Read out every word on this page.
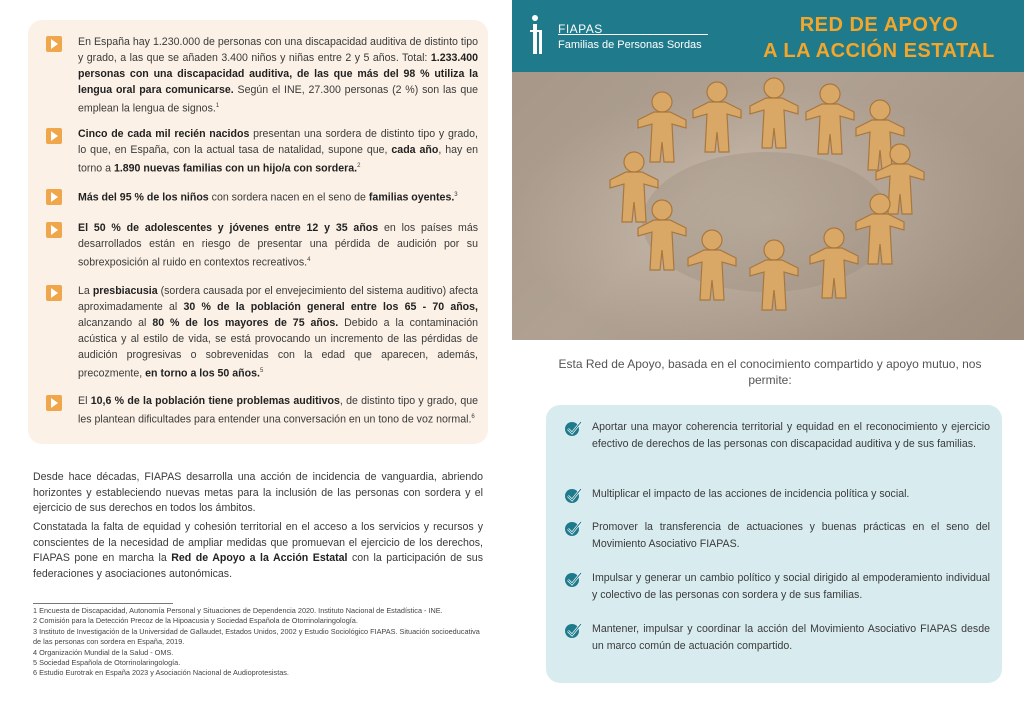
En España hay 1.230.000 de personas con una discapacidad auditiva de distinto tipo y grado, a las que se añaden 3.400 niños y niñas entre 2 y 5 años. Total: 1.233.400 personas con una discapacidad auditiva, de las que más del 98 % utiliza la lengua oral para comunicarse. Según el INE, 27.300 personas (2 %) son las que emplean la lengua de signos.$^1$
Cinco de cada mil recién nacidos presentan una sordera de distinto tipo y grado, lo que, en España, con la actual tasa de natalidad, supone que, cada año, hay en torno a 1.890 nuevas familias con un hijo/a con sordera.$^2$
Más del 95 % de los niños con sordera nacen en el seno de familias oyentes.$^3$
El 50 % de adolescentes y jóvenes entre 12 y 35 años en los países más desarrollados están en riesgo de presentar una pérdida de audición por su sobrexposición al ruido en contextos recreativos.$^4$
La presbiacusia (sordera causada por el envejecimiento del sistema auditivo) afecta aproximadamente al 30 % de la población general entre los 65 - 70 años, alcanzando al 80 % de los mayores de 75 años. Debido a la contaminación acústica y al estilo de vida, se está provocando un incremento de las pérdidas de audición progresivas o sobrevenidas con la edad que aparecen, además, precozmente, en torno a los 50 años.$^5$
El 10,6 % de la población tiene problemas auditivos, de distinto tipo y grado, que les plantean dificultades para entender una conversación en un tono de voz normal.$^6$
Desde hace décadas, FIAPAS desarrolla una acción de incidencia de vanguardia, abriendo horizontes y estableciendo nuevas metas para la inclusión de las personas con sordera y el ejercicio de sus derechos en todos los ámbitos.
Constatada la falta de equidad y cohesión territorial en el acceso a los servicios y recursos y conscientes de la necesidad de ampliar medidas que promuevan el ejercicio de los derechos, FIAPAS pone en marcha la Red de Apoyo a la Acción Estatal con la participación de sus federaciones y asociaciones autonómicas.

1 Encuesta de Discapacidad, Autonomía Personal y Situaciones de Dependencia 2020. Instituto Nacional de Estadística - INE.

2 Comisión para la Detección Precoz de la Hipoacusia y Sociedad Española de Otorrinolaringología.

3 Instituto de Investigación de la Universidad de Gallaudet, Estados Unidos, 2002 y Estudio Sociológico FIAPAS. Situación socioeducativa de las personas con sordera en España, 2019.

4 Organización Mundial de la Salud - OMS.

5 Sociedad Española de Otorrinolaringología.

6 Estudio Eurotrak en España 2023 y Asociación Nacional de Audioprotesistas.

FIAPAS
Familias de Personas Sordas
RED DE APOYO
A LA ACCIÓN ESTATAL
Esta Red de Apoyo, basada en el conocimiento compartido y apoyo mutuo, nos permite:
Aportar una mayor coherencia territorial y equidad en el reconocimiento y ejercicio efectivo de derechos de las personas con discapacidad auditiva y de sus familias.
Multiplicar el impacto de las acciones de incidencia política y social.
Promover la transferencia de actuaciones y buenas prácticas en el seno del Movimiento Asociativo FIAPAS.
Impulsar y generar un cambio político y social dirigido al empoderamiento individual y colectivo de las personas con sordera y de sus familias.
Mantener, impulsar y coordinar la acción del Movimiento Asociativo FIAPAS desde un marco común de actuación compartido.
